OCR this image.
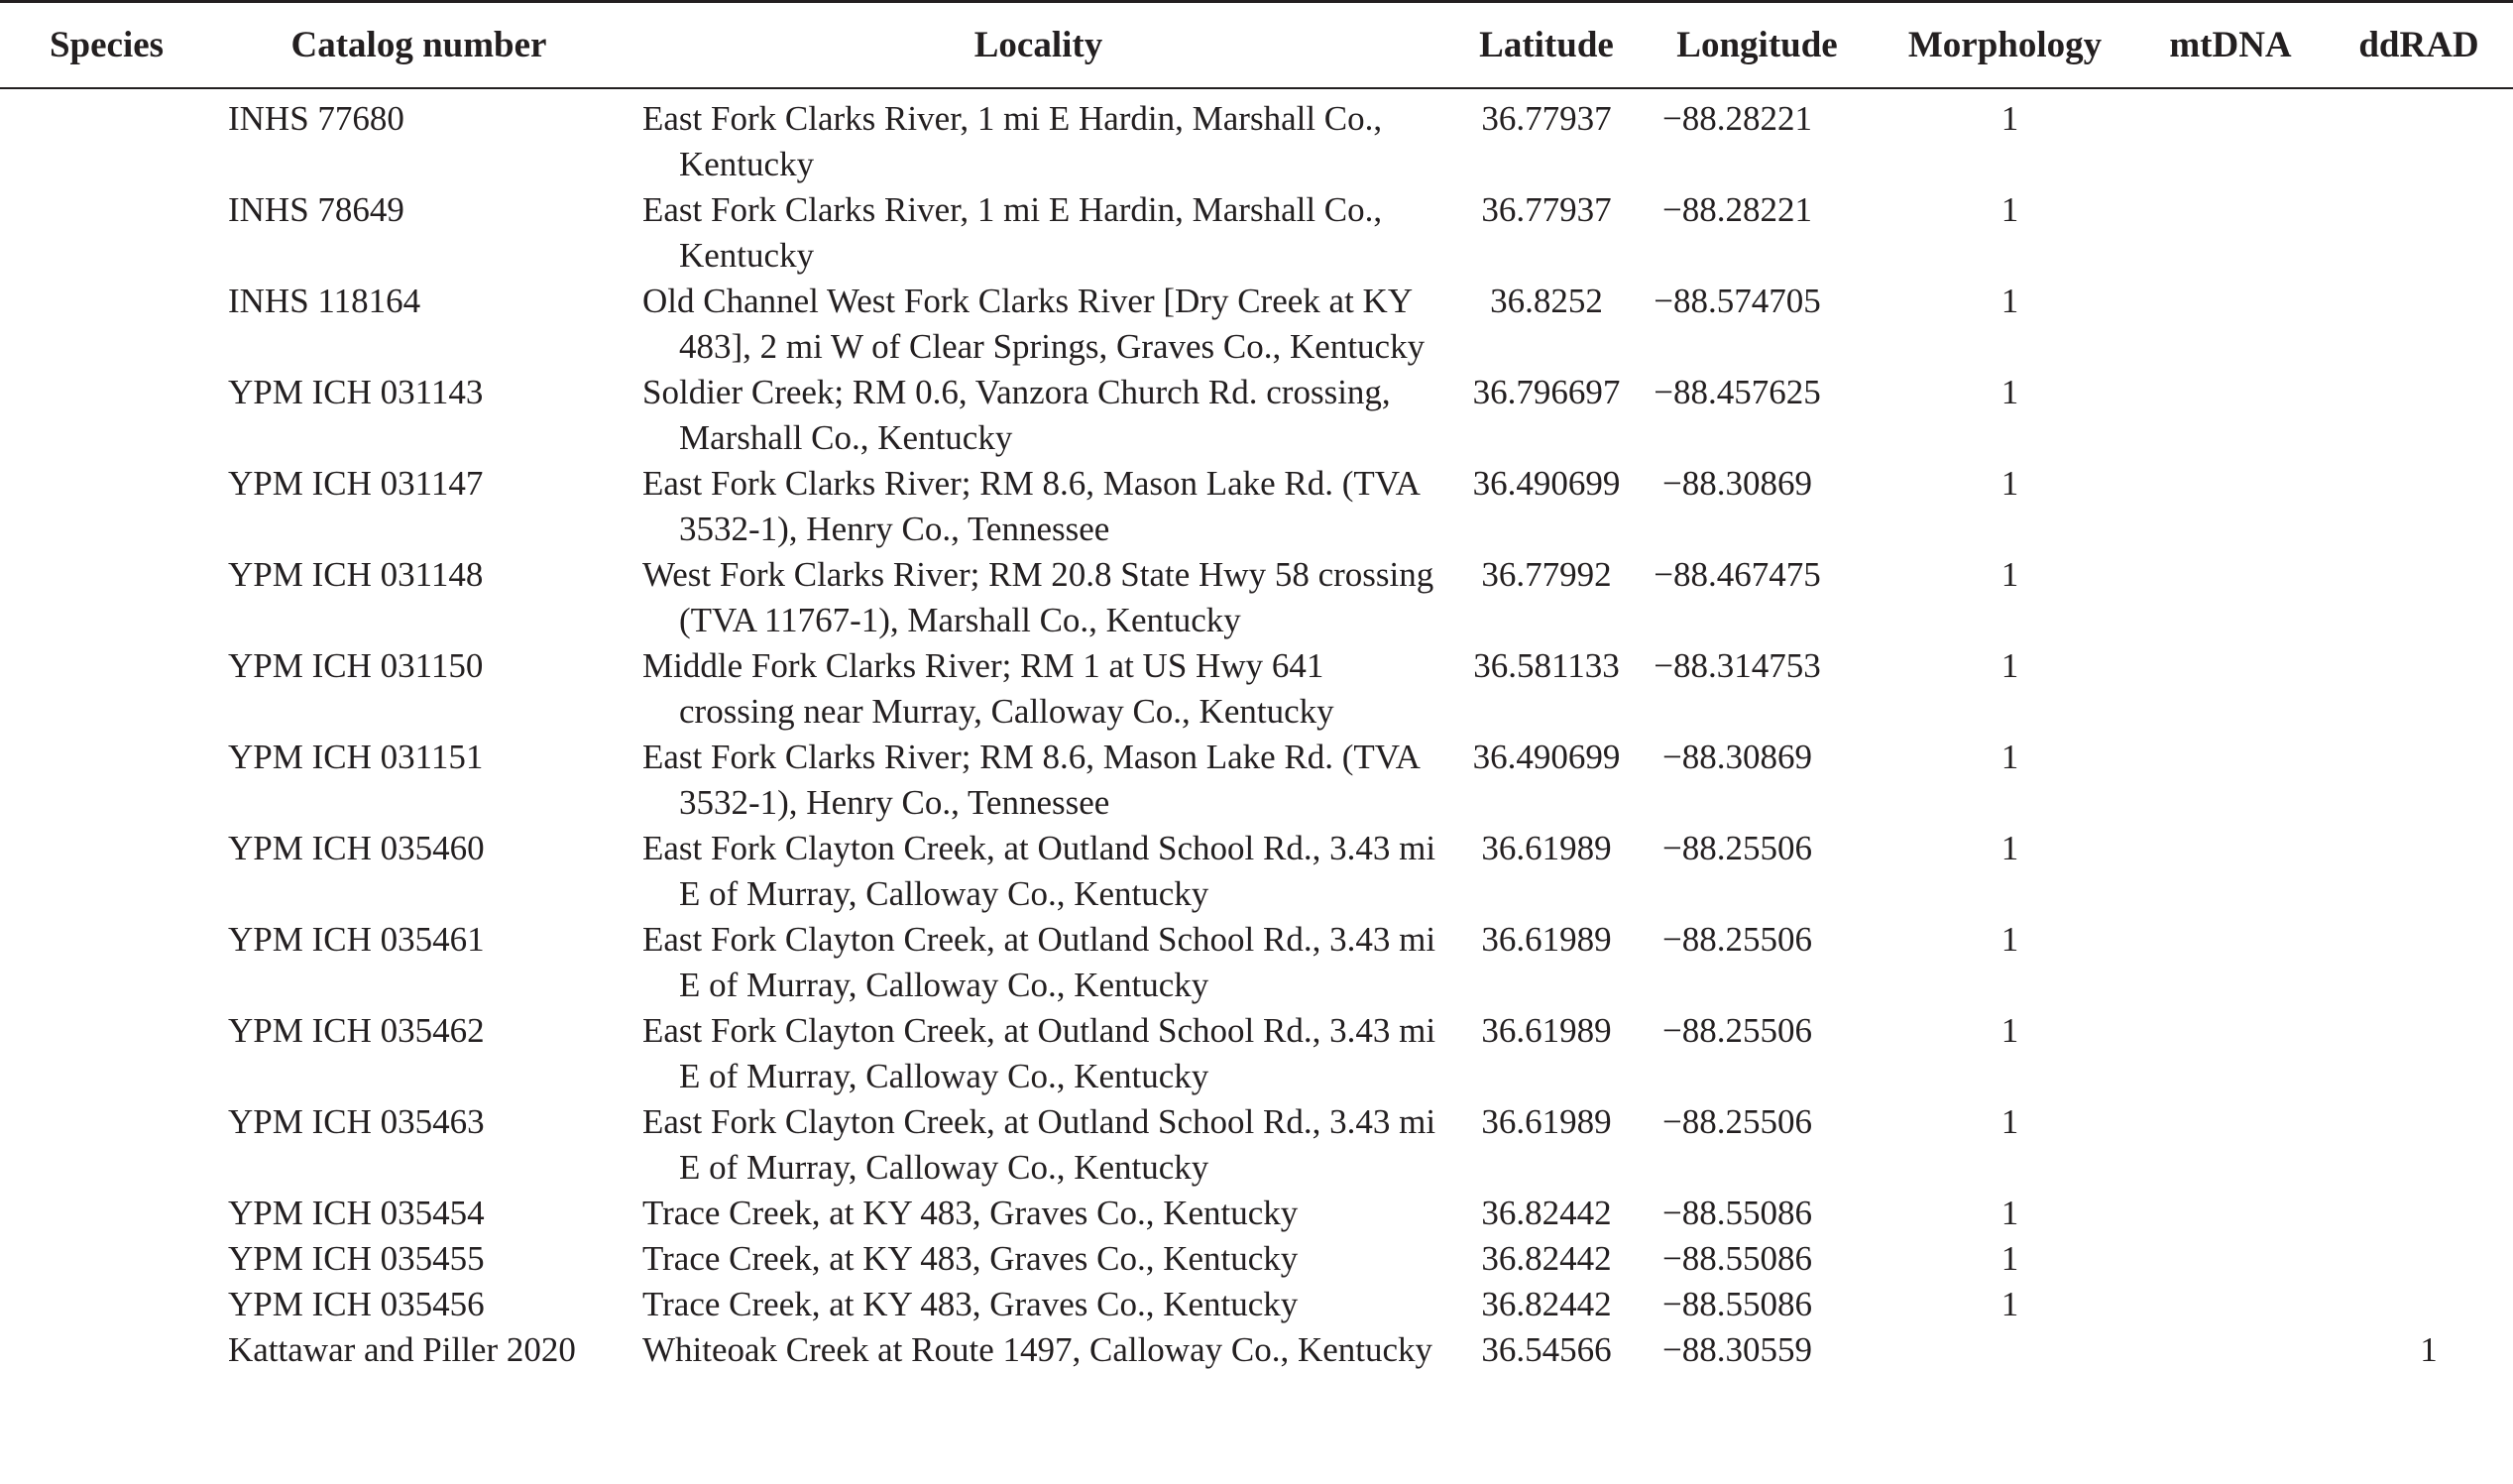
Species	Catalog number	Locality	Latitude	Longitude	Morphology	mtDNA	ddRAD
	INHS 77680	East Fork Clarks River, 1 mi E Hardin, Marshall Co., Kentucky	36.77937	−88.28221	1		
	INHS 78649	East Fork Clarks River, 1 mi E Hardin, Marshall Co., Kentucky	36.77937	−88.28221	1		
	INHS 118164	Old Channel West Fork Clarks River [Dry Creek at KY 483], 2 mi W of Clear Springs, Graves Co., Kentucky	36.8252	−88.574705	1		
	YPM ICH 031143	Soldier Creek; RM 0.6, Vanzora Church Rd. crossing, Marshall Co., Kentucky	36.796697	−88.457625	1		
	YPM ICH 031147	East Fork Clarks River; RM 8.6, Mason Lake Rd. (TVA 3532-1), Henry Co., Tennessee	36.490699	−88.30869	1		
	YPM ICH 031148	West Fork Clarks River; RM 20.8 State Hwy 58 crossing (TVA 11767-1), Marshall Co., Kentucky	36.77992	−88.467475	1		
	YPM ICH 031150	Middle Fork Clarks River; RM 1 at US Hwy 641 crossing near Murray, Calloway Co., Kentucky	36.581133	−88.314753	1		
	YPM ICH 031151	East Fork Clarks River; RM 8.6, Mason Lake Rd. (TVA 3532-1), Henry Co., Tennessee	36.490699	−88.30869	1		
	YPM ICH 035460	East Fork Clayton Creek, at Outland School Rd., 3.43 mi E of Murray, Calloway Co., Kentucky	36.61989	−88.25506	1		
	YPM ICH 035461	East Fork Clayton Creek, at Outland School Rd., 3.43 mi E of Murray, Calloway Co., Kentucky	36.61989	−88.25506	1		
	YPM ICH 035462	East Fork Clayton Creek, at Outland School Rd., 3.43 mi E of Murray, Calloway Co., Kentucky	36.61989	−88.25506	1		
	YPM ICH 035463	East Fork Clayton Creek, at Outland School Rd., 3.43 mi E of Murray, Calloway Co., Kentucky	36.61989	−88.25506	1		
	YPM ICH 035454	Trace Creek, at KY 483, Graves Co., Kentucky	36.82442	−88.55086	1		
	YPM ICH 035455	Trace Creek, at KY 483, Graves Co., Kentucky	36.82442	−88.55086	1		
	YPM ICH 035456	Trace Creek, at KY 483, Graves Co., Kentucky	36.82442	−88.55086	1		
	Kattawar and Piller 2020	Whiteoak Creek at Route 1497, Calloway Co., Kentucky	36.54566	−88.30559			1
